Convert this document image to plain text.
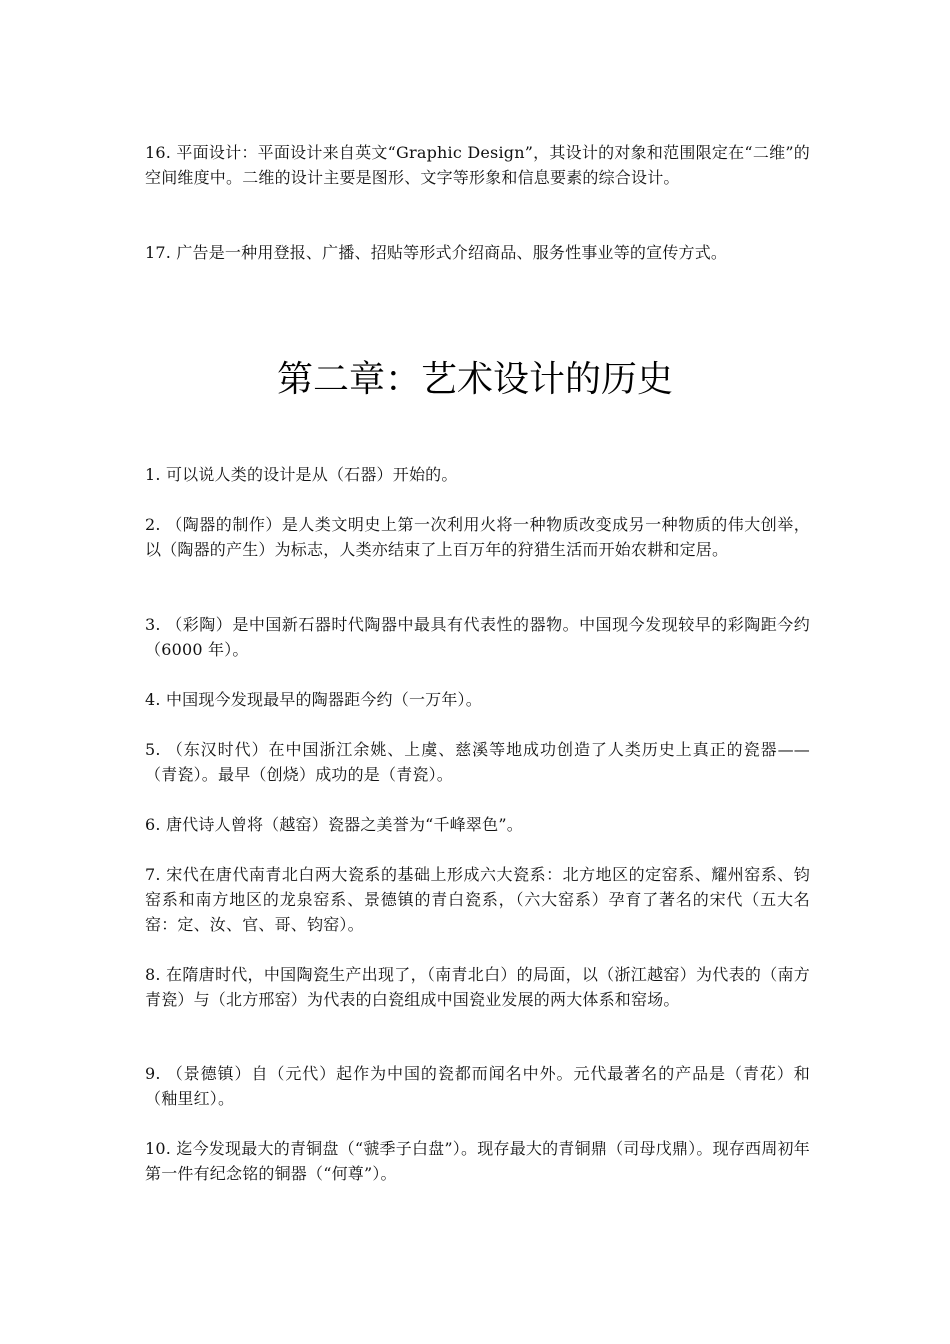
16. 平面设计：平面设计来自英文“Graphic Design”，其设计的对象和范围限定在“二维”的空间维度中。二维的设计主要是图形、文字等形象和信息要素的综合设计。

17. 广告是一种用登报、广播、招贴等形式介绍商品、服务性事业等的宣传方式。

第二章：艺术设计的历史

1. 可以说人类的设计是从（石器）开始的。

2. （陶器的制作）是人类文明史上第一次利用火将一种物质改变成另一种物质的伟大创举，以（陶器的产生）为标志，人类亦结束了上百万年的狩猎生活而开始农耕和定居。

3. （彩陶）是中国新石器时代陶器中最具有代表性的器物。中国现今发现较早的彩陶距今约（6000 年）。

4. 中国现今发现最早的陶器距今约（一万年）。

5. （东汉时代）在中国浙江余姚、上虞、慈溪等地成功创造了人类历史上真正的瓷器——（青瓷）。最早（创烧）成功的是（青瓷）。

6. 唐代诗人曾将（越窑）瓷器之美誉为“千峰翠色”。

7. 宋代在唐代南青北白两大瓷系的基础上形成六大瓷系：北方地区的定窑系、耀州窑系、钧窑系和南方地区的龙泉窑系、景德镇的青白瓷系，（六大窑系）孕育了著名的宋代（五大名窑：定、汝、官、哥、钧窑）。

8. 在隋唐时代，中国陶瓷生产出现了，（南青北白）的局面，以（浙江越窑）为代表的（南方青瓷）与（北方邢窑）为代表的白瓷组成中国瓷业发展的两大体系和窑场。

9. （景德镇）自（元代）起作为中国的瓷都而闻名中外。元代最著名的产品是（青花）和（釉里红）。

10. 迄今发现最大的青铜盘（“虢季子白盘”）。现存最大的青铜鼎（司母戊鼎）。现存西周初年第一件有纪念铭的铜器（“何尊”）。
